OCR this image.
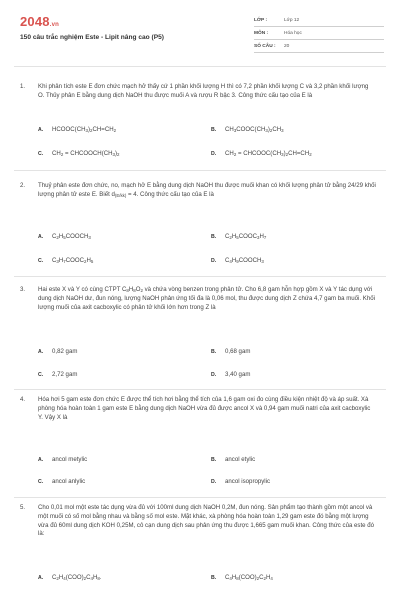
2048.vn
150 câu trắc nghiệm Este - Lipit nâng cao (P5)
LỚP :	Lớp 12
MÔN :	Hóa học
SỐ CÂU : 20
1. Khi phân tích este E đơn chức mạch hở thấy cứ 1 phần khối lượng H thì có 7,2 phần khối lượng C và 3,2 phần khối lượng O. Thủy phân E bằng dung dịch NaOH thu được muối A và rượu R bậc 3. Công thức cấu tạo của E là
A. $HCOOC(CH_3)_2CH=CH_2$	B. $CH_3COOC(CH_3)_2CH_3$
C. $CH_2$ = $CHCOOCH(CH_3)_2$	D. $CH_2$ = $CHCOOC(CH_3)_2CH=CH_2$
2. Thuỷ phân este đơn chức, no, mạch hở E bằng dung dịch NaOH thu được muối khan có khối lượng phân tử bằng 24/29 khối lượng phân tử este E. Biết $d_{(E/kk)} = 4$. Công thức cấu tạo của E là
A. $C_2H_5COOCH_3$	B. $C_2H_5COOC_3H_7$
C. $C_3H_7COOC_2H_5$	D. $C_4H_9COOCH_3$
3. Hai este X và Y có cùng CTPT $C_8H_8O_2$ và chứa vòng benzen trong phân tử. Cho 6,8 gam hỗn hợp gồm X và Y tác dụng với dung dịch NaOH dư, đun nóng, lượng NaOH phản ứng tối đa là 0,06 mol, thu được dung dịch Z chứa 4,7 gam ba muối. Khối lượng muối của axit cacboxylic có phân tử khối lớn hơn trong Z là
A. 0,82 gam	B. 0,68 gam
C. 2,72 gam	D. 3,40 gam
4. Hóa hơi 5 gam este đơn chức E được thể tích hơi bằng thể tích của 1,6 gam oxi đo cùng điều kiện nhiệt độ và áp suất. Xà phòng hóa hoàn toàn 1 gam este E bằng dung dịch NaOH vừa đủ được ancol X và 0,94 gam muối natri của axit cacboxylic Y. Vậy X là
A. ancol metylic	B. ancol etylic
C. ancol anlylic	D. ancol isopropylic
5. Cho 0,01 mol một este tác dụng vừa đủ với 100ml dung dịch NaOH 0,2M, đun nóng. Sản phẩm tạo thành gồm một ancol và một muối có số mol bằng nhau và bằng số mol este. Mặt khác, xà phòng hóa hoàn toàn 1,29 gam este đó bằng một lượng vừa đủ 60ml dung dịch KOH 0,25M, cô cạn dung dịch sau phản ứng thu được 1,665 gam muối khan. Công thức của este đó là:
A. $C_2H_4(COO)_2C_4H_8$.	B. $C_4H_8(COO)_2C_2H_4$
